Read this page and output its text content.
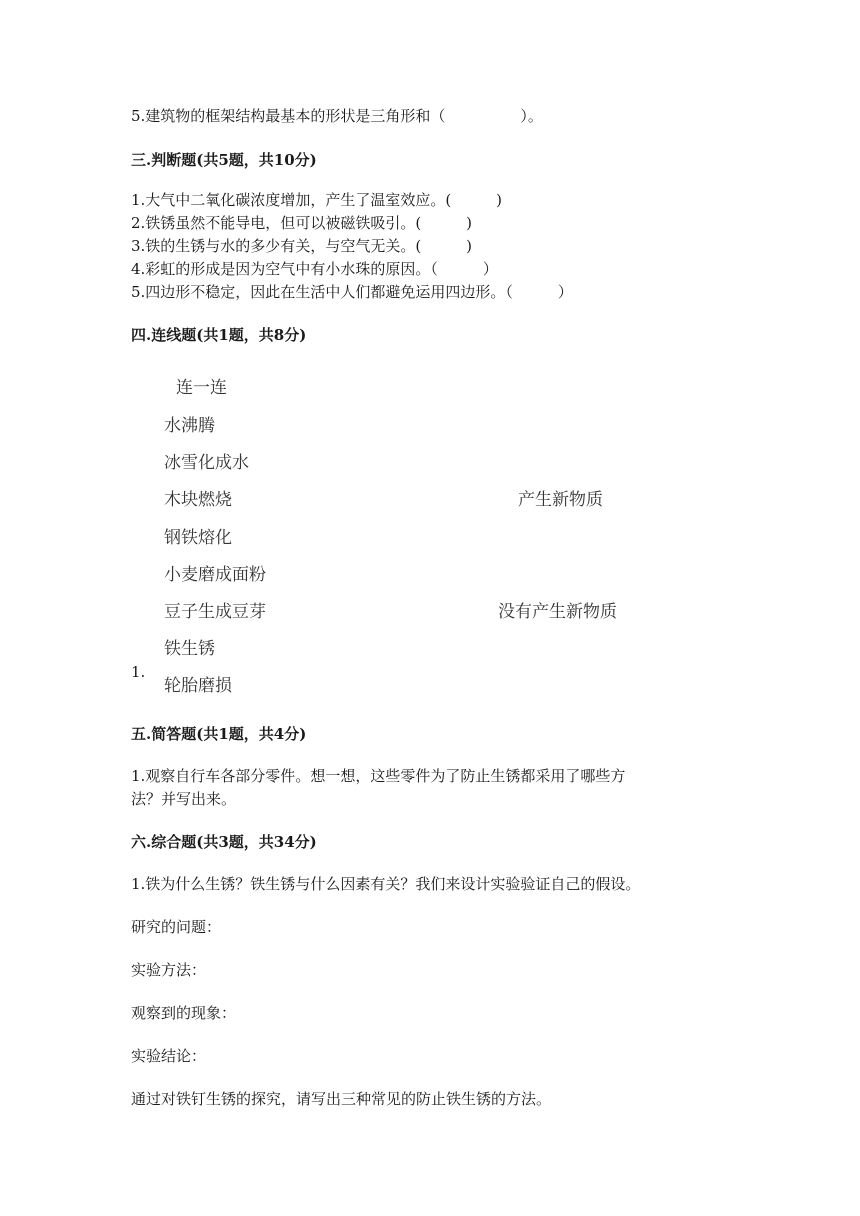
5.建筑物的框架结构最基本的形状是三角形和（　　　　　）。
三.判断题(共5题，共10分)
1.大气中二氧化碳浓度增加，产生了温室效应。(　　　)
2.铁锈虽然不能导电，但可以被磁铁吸引。(　　　)
3.铁的生锈与水的多少有关，与空气无关。(　　　)
4.彩虹的形成是因为空气中有小水珠的原因。（　　　）
5.四边形不稳定，因此在生活中人们都避免运用四边形。（　　　）
四.连线题(共1题，共8分)
连一连
水沸腾
冰雪化成水
木块燃烧
钢铁熔化
小麦磨成面粉
豆子生成豆芽
铁生锈
轮胎磨损
产生新物质
没有产生新物质
1.
五.简答题(共1题，共4分)
1.观察自行车各部分零件。想一想，这些零件为了防止生锈都采用了哪些方
法？并写出来。
六.综合题(共3题，共34分)
1.铁为什么生锈？铁生锈与什么因素有关？我们来设计实验验证自己的假设。
研究的问题：
实验方法：
观察到的现象：
实验结论：
通过对铁钉生锈的探究，请写出三种常见的防止铁生锈的方法。
